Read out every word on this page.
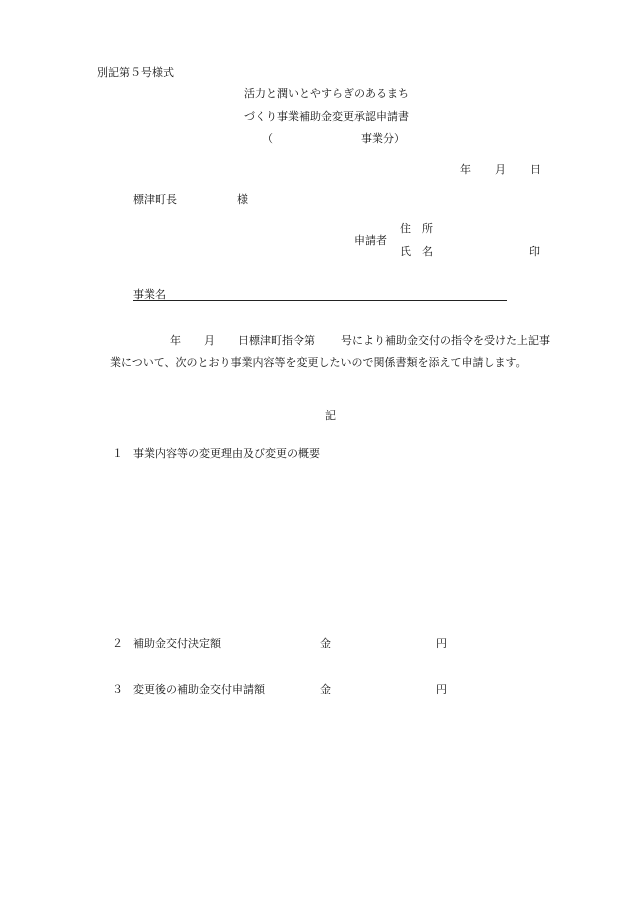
別記第５号様式
活力と潤いとやすらぎのあるまち
づくり事業補助金変更承認申請書
（	事業分）
年 月 日
標津町長	様
申請者
住　所
氏　名	印
事業名
年 月 日標津町指令第 号により補助金交付の指令を受けた上記事
業について、次のとおり事業内容等を変更したいので関係書類を添えて申請します。
記
１ 事業内容等の変更理由及び変更の概要
２ 補助金交付決定額	金	円
３ 変更後の補助金交付申請額	金	円
